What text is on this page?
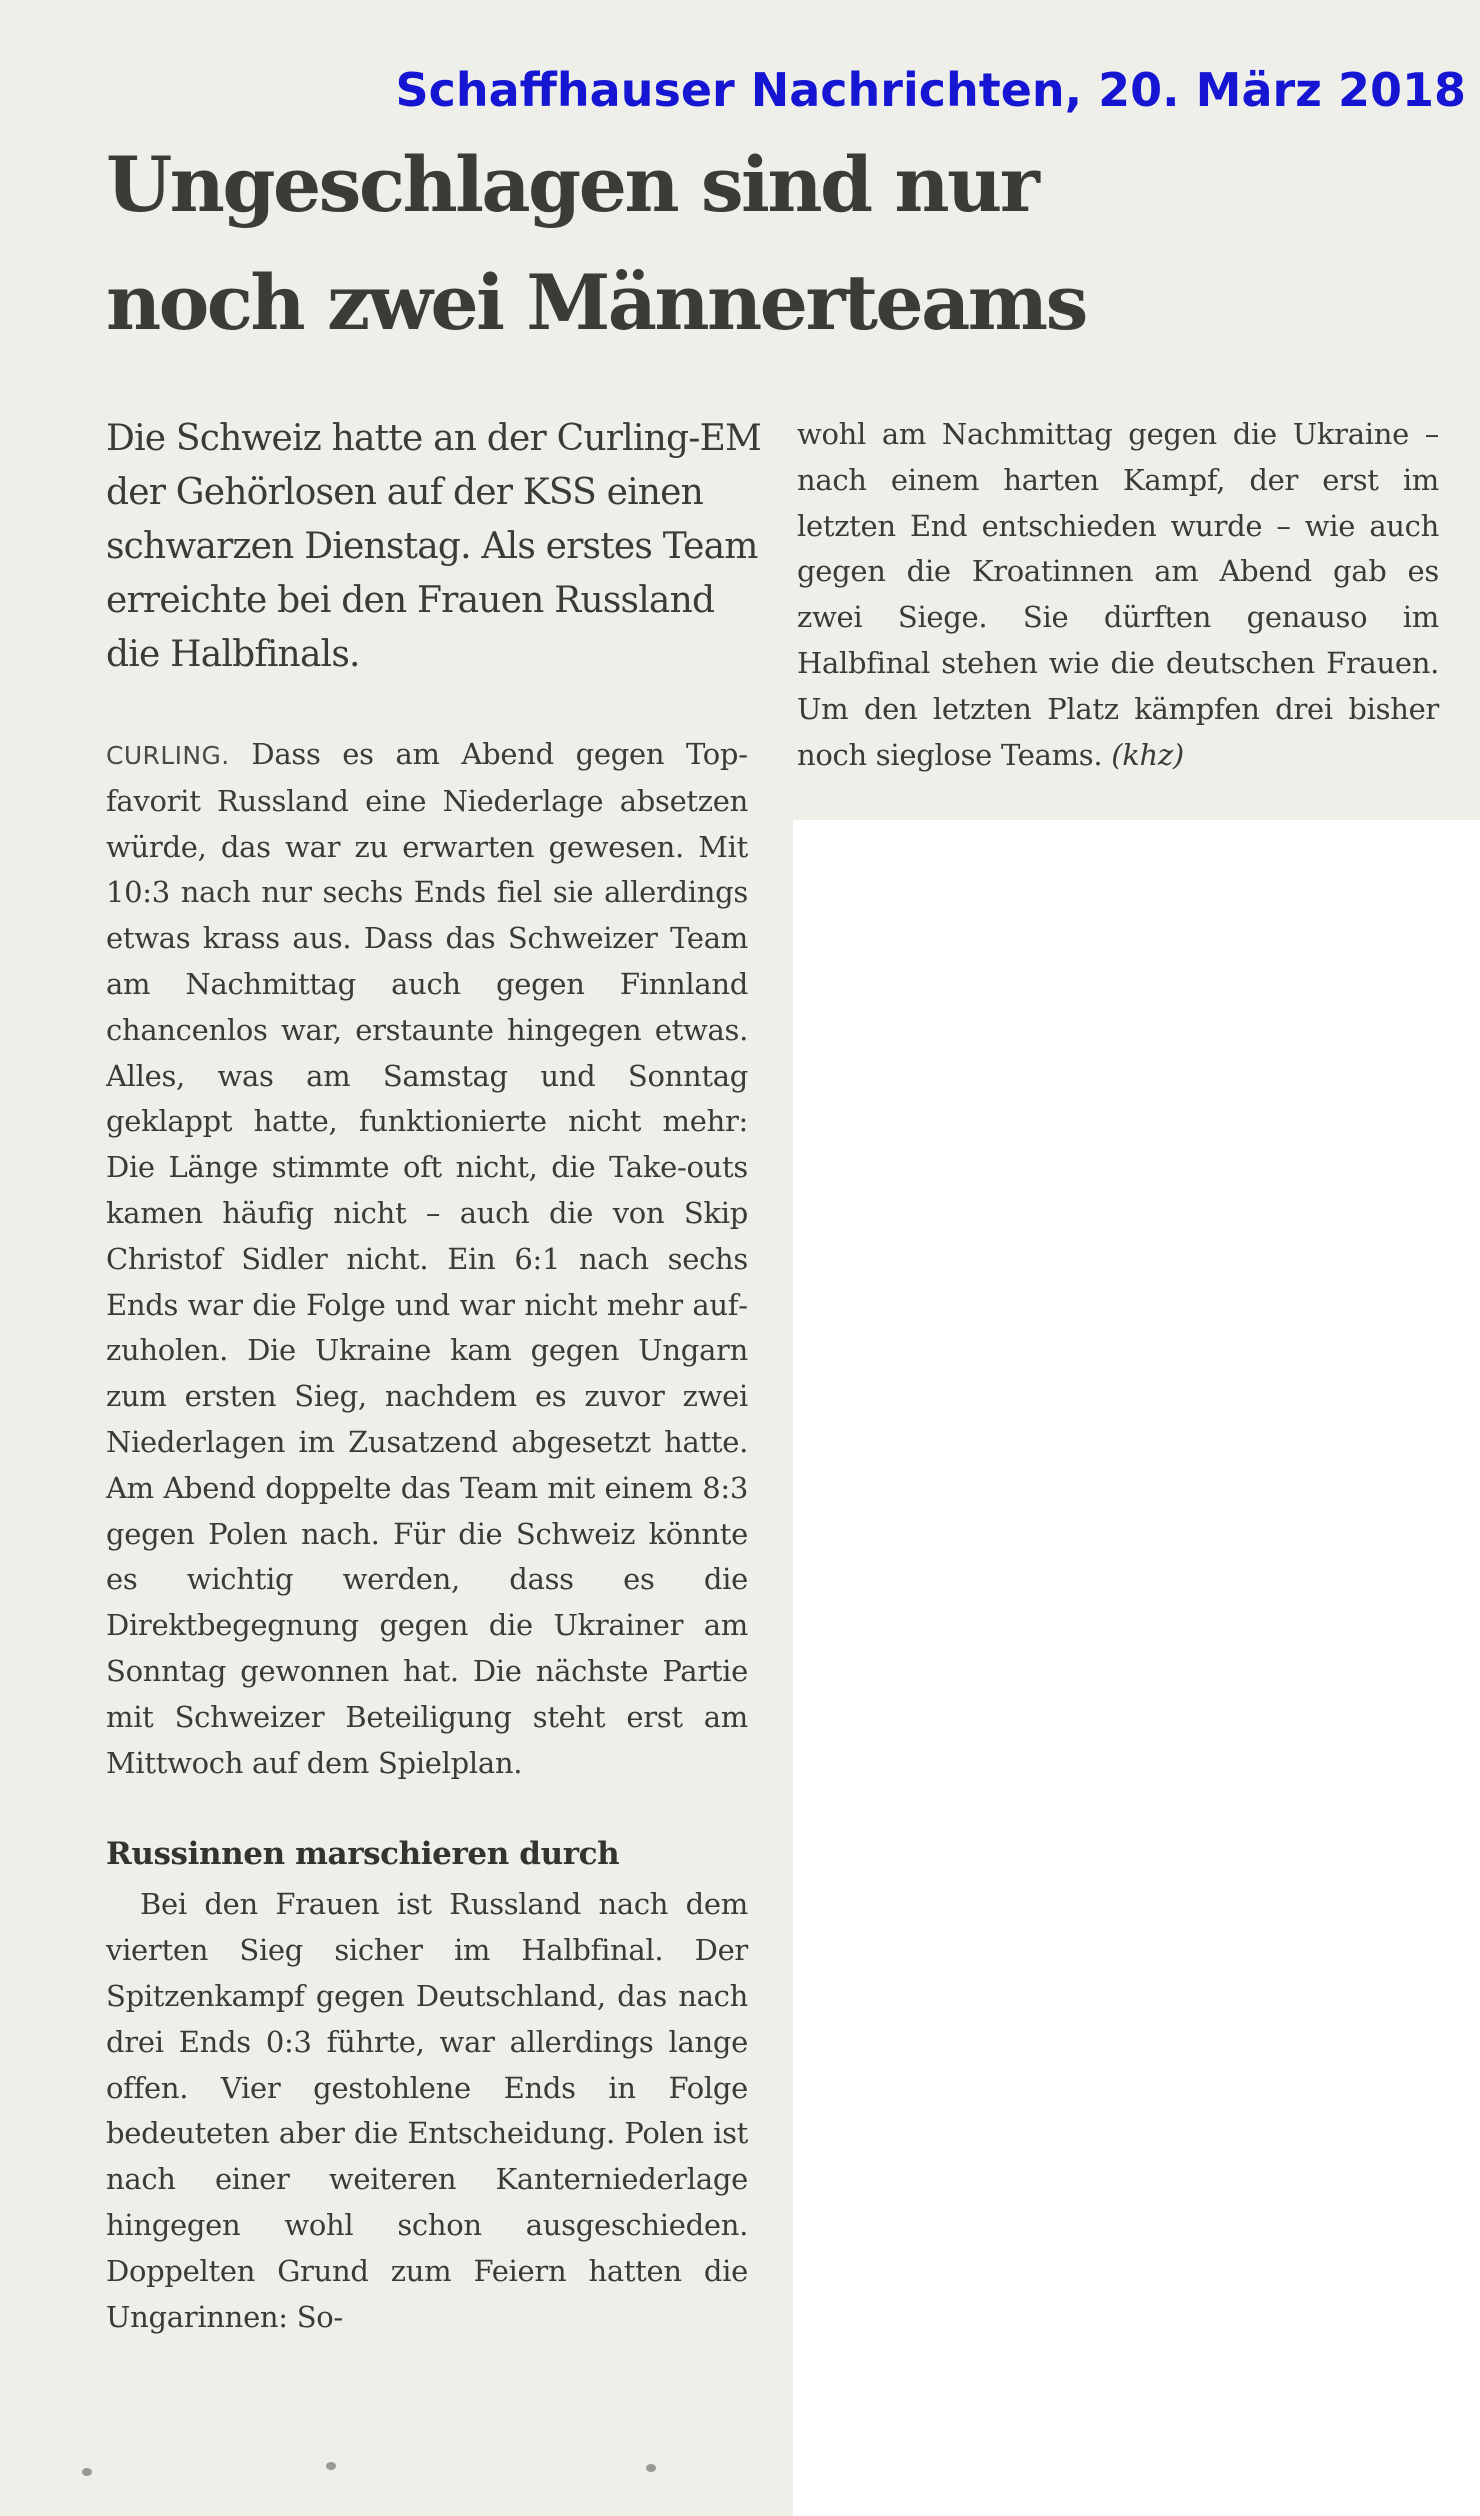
Schaffhauser Nachrichten, 20. März 2018
Ungeschlagen sind nur
noch zwei Männerteams

Die Schweiz hatte an der Curling-EM der Gehörlosen auf der KSS einen schwarzen Dienstag. Als erstes Team erreichte bei den Frauen Russland die Halbfinals.

CURLING. Dass es am Abend gegen Topfavorit Russland eine Niederlage absetzen würde, das war zu erwarten gewesen. Mit 10:3 nach nur sechs Ends fiel sie allerdings etwas krass aus. Dass das Schweizer Team am Nachmittag auch gegen Finnland chancenlos war, erstaunte hingegen etwas. Alles, was am Samstag und Sonntag geklappt hatte, funktionierte nicht mehr: Die Länge stimmte oft nicht, die Take-outs kamen häufig nicht – auch die von Skip Christof Sidler nicht. Ein 6:1 nach sechs Ends war die Folge und war nicht mehr aufzuholen. Die Ukraine kam gegen Ungarn zum ersten Sieg, nachdem es zuvor zwei Niederlagen im Zusatzend abgesetzt hatte. Am Abend doppelte das Team mit einem 8:3 gegen Polen nach. Für die Schweiz könnte es wichtig werden, dass es die Direktbegegnung gegen die Ukrainer am Sonntag gewonnen hat. Die nächste Partie mit Schweizer Beteiligung steht erst am Mittwoch auf dem Spielplan.

Russinnen marschieren durch

Bei den Frauen ist Russland nach dem vierten Sieg sicher im Halbfinal. Der Spitzenkampf gegen Deutschland, das nach drei Ends 0:3 führte, war allerdings lange offen. Vier gestohlene Ends in Folge bedeuteten aber die Entscheidung. Polen ist nach einer weiteren Kanterniederlage hingegen wohl schon ausgeschieden. Doppelten Grund zum Feiern hatten die Ungarinnen: So-

wohl am Nachmittag gegen die Ukraine – nach einem harten Kampf, der erst im letzten End entschieden wurde – wie auch gegen die Kroatinnen am Abend gab es zwei Siege. Sie dürften genauso im Halbfinal stehen wie die deutschen Frauen. Um den letzten Platz kämpfen drei bisher noch sieglose Teams. (khz)
